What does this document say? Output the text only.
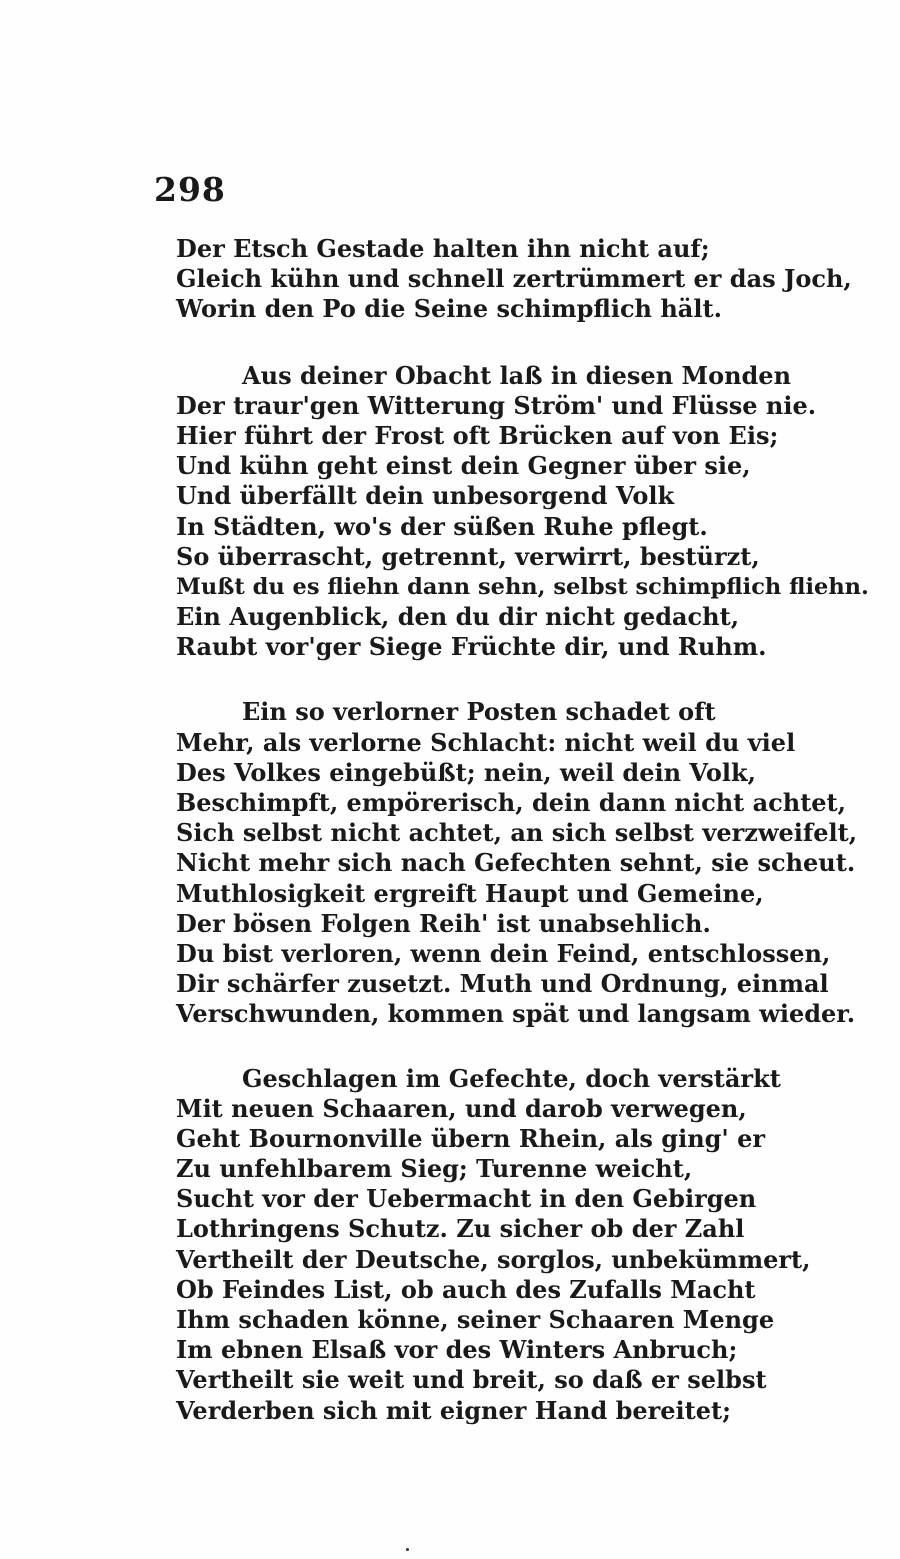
298
Der Etsch Gestade halten ihn nicht auf;
Gleich kühn und schnell zertrümmert er das Joch,
Worin den Po die Seine schimpflich hält.
Aus deiner Obacht laß in diesen Monden
Der traur'gen Witterung Ström' und Flüsse nie.
Hier führt der Frost oft Brücken auf von Eis;
Und kühn geht einst dein Gegner über sie,
Und überfällt dein unbesorgend Volk
In Städten, wo's der süßen Ruhe pflegt.
So überrascht, getrennt, verwirrt, bestürzt,
Mußt du es fliehn dann sehn, selbst schimpflich fliehn.
Ein Augenblick, den du dir nicht gedacht,
Raubt vor'ger Siege Früchte dir, und Ruhm.
Ein so verlorner Posten schadet oft
Mehr, als verlorne Schlacht: nicht weil du viel
Des Volkes eingebüßt; nein, weil dein Volk,
Beschimpft, empörerisch, dein dann nicht achtet,
Sich selbst nicht achtet, an sich selbst verzweifelt,
Nicht mehr sich nach Gefechten sehnt, sie scheut.
Muthlosigkeit ergreift Haupt und Gemeine,
Der bösen Folgen Reih' ist unabsehlich.
Du bist verloren, wenn dein Feind, entschlossen,
Dir schärfer zusetzt. Muth und Ordnung, einmal
Verschwunden, kommen spät und langsam wieder.
Geschlagen im Gefechte, doch verstärkt
Mit neuen Schaaren, und darob verwegen,
Geht Bournonville übern Rhein, als ging' er
Zu unfehlbarem Sieg; Turenne weicht,
Sucht vor der Uebermacht in den Gebirgen
Lothringens Schutz. Zu sicher ob der Zahl
Vertheilt der Deutsche, sorglos, unbekümmert,
Ob Feindes List, ob auch des Zufalls Macht
Ihm schaden könne, seiner Schaaren Menge
Im ebnen Elsaß vor des Winters Anbruch;
Vertheilt sie weit und breit, so daß er selbst
Verderben sich mit eigner Hand bereitet;
